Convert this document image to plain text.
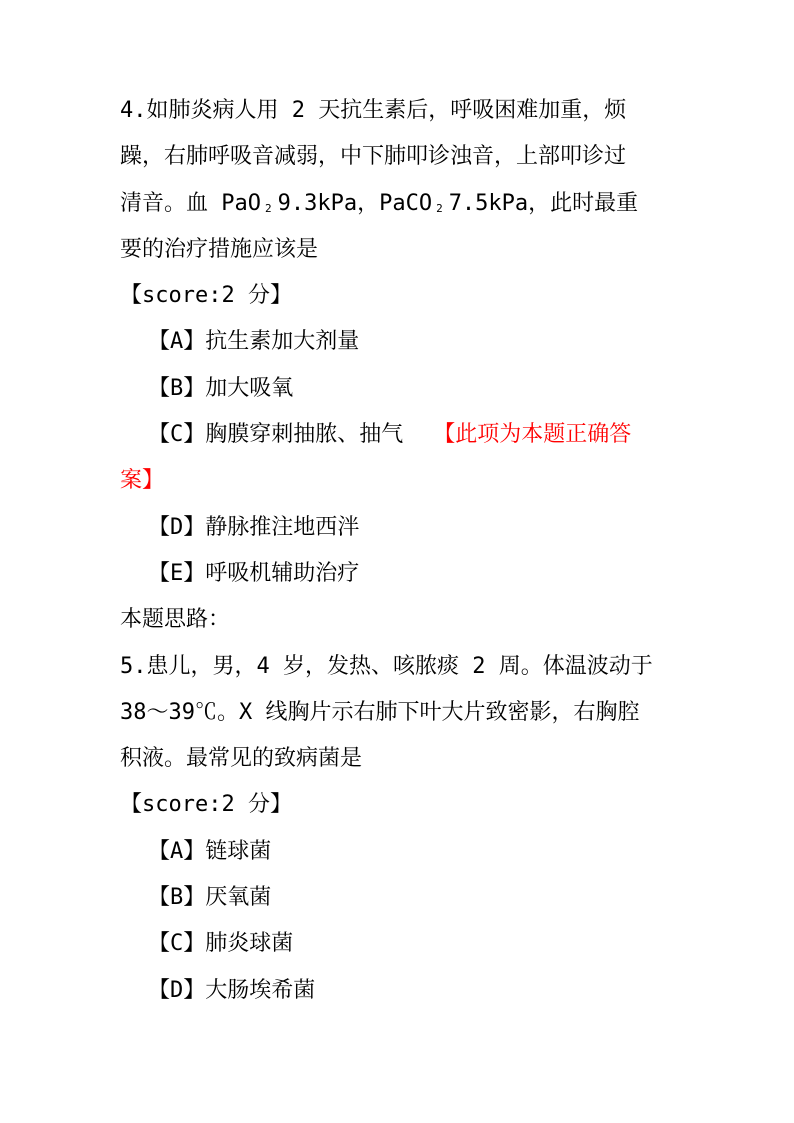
4.如肺炎病人用 2 天抗生素后，呼吸困难加重，烦
躁，右肺呼吸音减弱，中下肺叩诊浊音，上部叩诊过
清音。血 PaO 2 9.3kPa，PaCO 2 7.5kPa，此时最重
要的治疗措施应该是
【score:2 分】
【A】抗生素加大剂量
【B】加大吸氧
【C】胸膜穿刺抽脓、抽气 【此项为本题正确答
案】
【D】静脉推注地西泮
【E】呼吸机辅助治疗
本题思路：
5.患儿，男，4 岁，发热、咳脓痰 2 周。体温波动于
38～39℃。X 线胸片示右肺下叶大片致密影，右胸腔
积液。最常见的致病菌是
【score:2 分】
【A】链球菌
【B】厌氧菌
【C】肺炎球菌
【D】大肠埃希菌
